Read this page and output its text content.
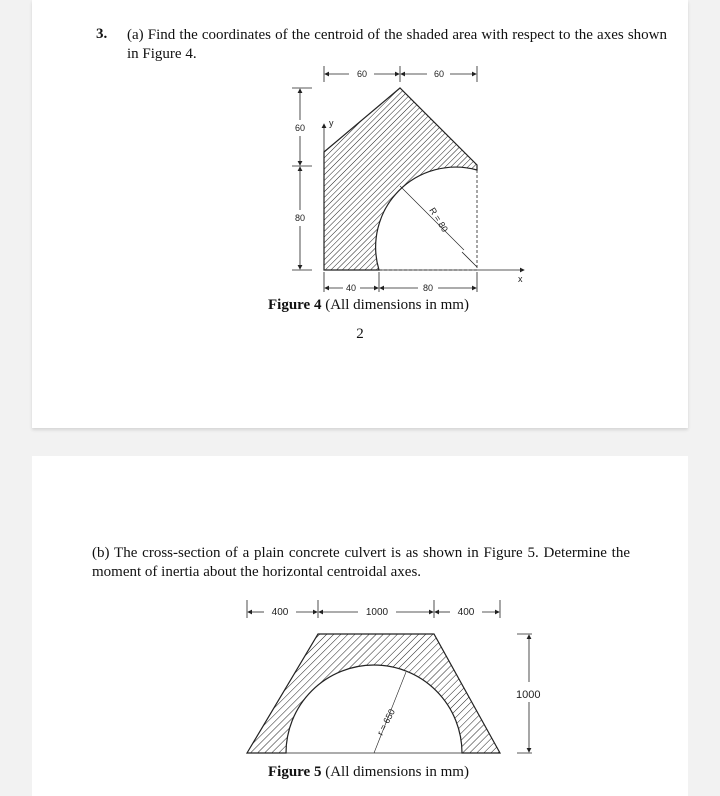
3. (a) Find the coordinates of the centroid of the shaded area with respect to the axes shown in Figure 4.
60	60
60
80
y
x
R = 80
40	80
Figure 4 (All dimensions in mm)
2
(b) The cross-section of a plain concrete culvert is as shown in Figure 5. Determine the moment of inertia about the horizontal centroidal axes.
400	1000	400
r = 650
1000
Figure 5 (All dimensions in mm)
